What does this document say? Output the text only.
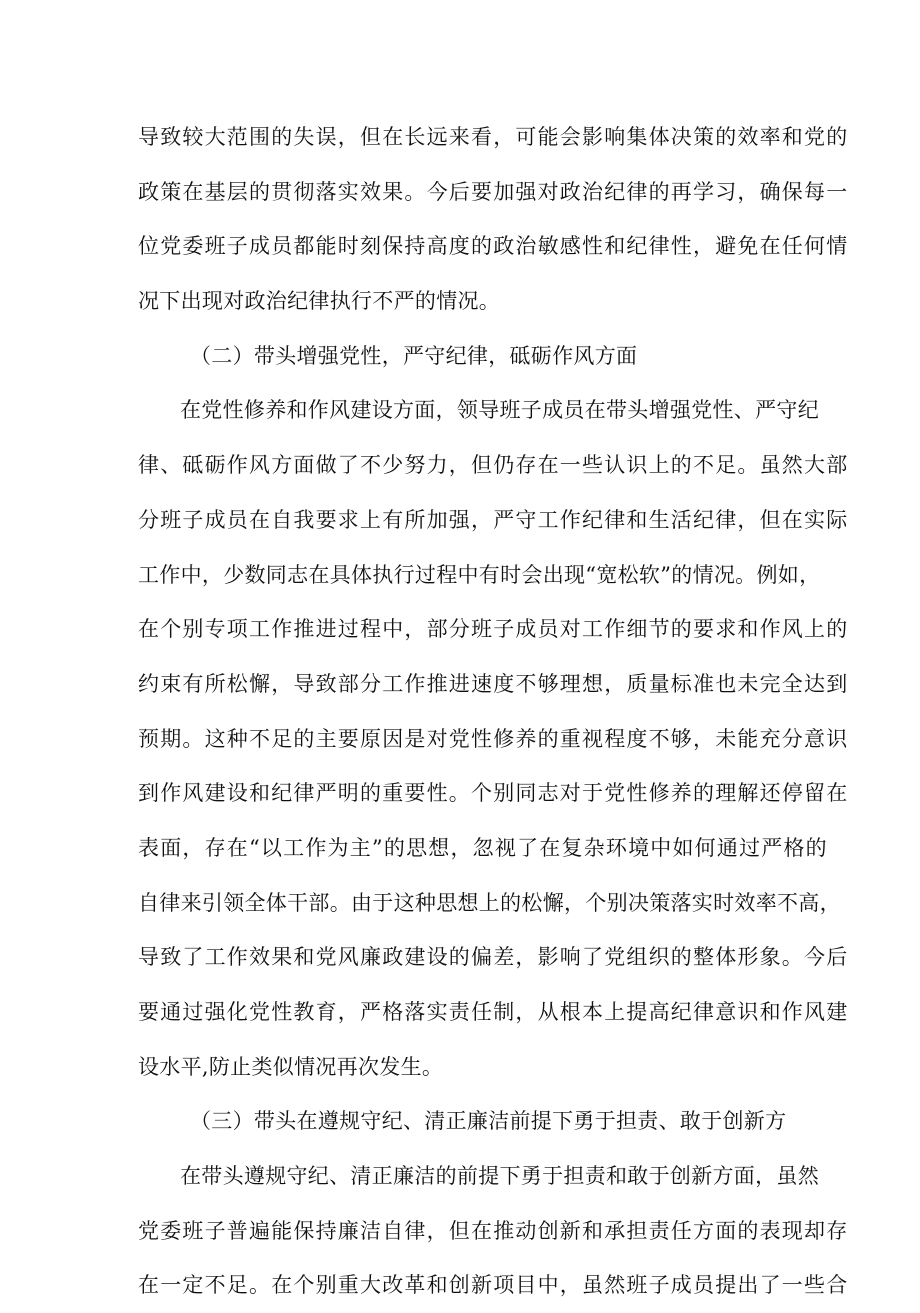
导致较大范围的失误，但在长远来看，可能会影响集体决策的效率和党的
政策在基层的贯彻落实效果。今后要加强对政治纪律的再学习，确保每一
位党委班子成员都能时刻保持高度的政治敏感性和纪律性，避免在任何情
况下出现对政治纪律执行不严的情况。
（二）带头增强党性，严守纪律，砥砺作风方面
在党性修养和作风建设方面，领导班子成员在带头增强党性、严守纪
律、砥砺作风方面做了不少努力，但仍存在一些认识上的不足。虽然大部
分班子成员在自我要求上有所加强，严守工作纪律和生活纪律，但在实际
工作中，少数同志在具体执行过程中有时会出现“宽松软”的情况。例如，
在个别专项工作推进过程中，部分班子成员对工作细节的要求和作风上的
约束有所松懈，导致部分工作推进速度不够理想，质量标准也未完全达到
预期。这种不足的主要原因是对党性修养的重视程度不够，未能充分意识
到作风建设和纪律严明的重要性。个别同志对于党性修养的理解还停留在
表面，存在“以工作为主”的思想，忽视了在复杂环境中如何通过严格的
自律来引领全体干部。由于这种思想上的松懈，个别决策落实时效率不高，
导致了工作效果和党风廉政建设的偏差，影响了党组织的整体形象。今后
要通过强化党性教育，严格落实责任制，从根本上提高纪律意识和作风建
设水平,防止类似情况再次发生。
（三）带头在遵规守纪、清正廉洁前提下勇于担责、敢于创新方
在带头遵规守纪、清正廉洁的前提下勇于担责和敢于创新方面，虽然
党委班子普遍能保持廉洁自律，但在推动创新和承担责任方面的表现却存
在一定不足。在个别重大改革和创新项目中，虽然班子成员提出了一些合
